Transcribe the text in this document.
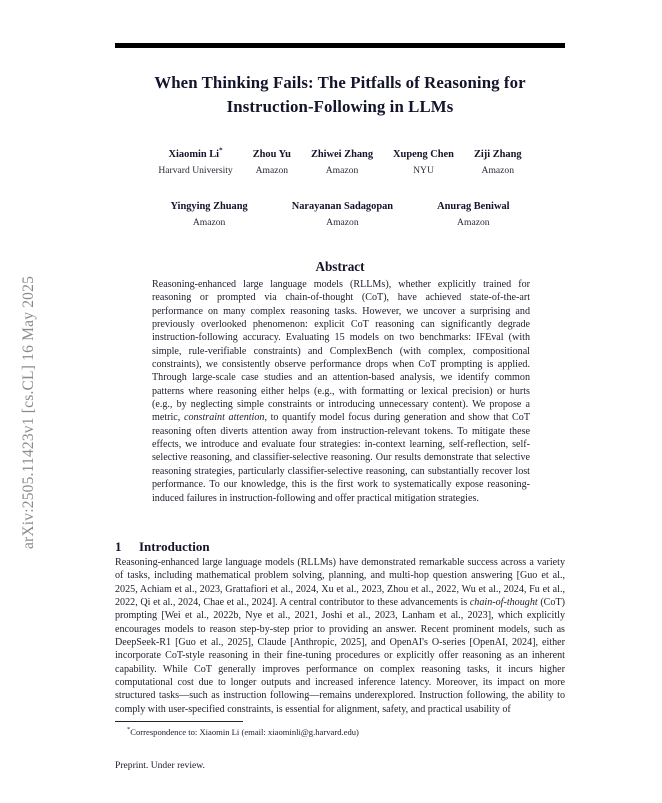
arXiv:2505.11423v1 [cs.CL] 16 May 2025
When Thinking Fails: The Pitfalls of Reasoning for
Instruction-Following in LLMs
Xiaomin Li*
Harvard University
Zhou Yu
Amazon
Zhiwei Zhang
Amazon
Xupeng Chen
NYU
Ziji Zhang
Amazon
Yingying Zhuang
Amazon
Narayanan Sadagopan
Amazon
Anurag Beniwal
Amazon
Abstract
Reasoning-enhanced large language models (RLLMs), whether explicitly trained for reasoning or prompted via chain-of-thought (CoT), have achieved state-of-the-art performance on many complex reasoning tasks. However, we uncover a surprising and previously overlooked phenomenon: explicit CoT reasoning can significantly degrade instruction-following accuracy. Evaluating 15 models on two benchmarks: IFEval (with simple, rule-verifiable constraints) and ComplexBench (with complex, compositional constraints), we consistently observe performance drops when CoT prompting is applied. Through large-scale case studies and an attention-based analysis, we identify common patterns where reasoning either helps (e.g., with formatting or lexical precision) or hurts (e.g., by neglecting simple constraints or introducing unnecessary content). We propose a metric, constraint attention, to quantify model focus during generation and show that CoT reasoning often diverts attention away from instruction-relevant tokens. To mitigate these effects, we introduce and evaluate four strategies: in-context learning, self-reflection, self-selective reasoning, and classifier-selective reasoning. Our results demonstrate that selective reasoning strategies, particularly classifier-selective reasoning, can substantially recover lost performance. To our knowledge, this is the first work to systematically expose reasoning-induced failures in instruction-following and offer practical mitigation strategies.
1 Introduction
Reasoning-enhanced large language models (RLLMs) have demonstrated remarkable success across a variety of tasks, including mathematical problem solving, planning, and multi-hop question answering [Guo et al., 2025, Achiam et al., 2023, Grattafiori et al., 2024, Xu et al., 2023, Zhou et al., 2022, Wu et al., 2024, Fu et al., 2022, Qi et al., 2024, Chae et al., 2024]. A central contributor to these advancements is chain-of-thought (CoT) prompting [Wei et al., 2022b, Nye et al., 2021, Joshi et al., 2023, Lanham et al., 2023], which explicitly encourages models to reason step-by-step prior to providing an answer. Recent prominent models, such as DeepSeek-R1 [Guo et al., 2025], Claude [Anthropic, 2025], and OpenAI's O-series [OpenAI, 2024], either incorporate CoT-style reasoning in their fine-tuning procedures or explicitly offer reasoning as an inherent capability. While CoT generally improves performance on complex reasoning tasks, it incurs higher computational cost due to longer outputs and increased inference latency. Moreover, its impact on more structured tasks—such as instruction following—remains underexplored. Instruction following, the ability to comply with user-specified constraints, is essential for alignment, safety, and practical usability of
*Correspondence to: Xiaomin Li (email: xiaominli@g.harvard.edu)
Preprint. Under review.
